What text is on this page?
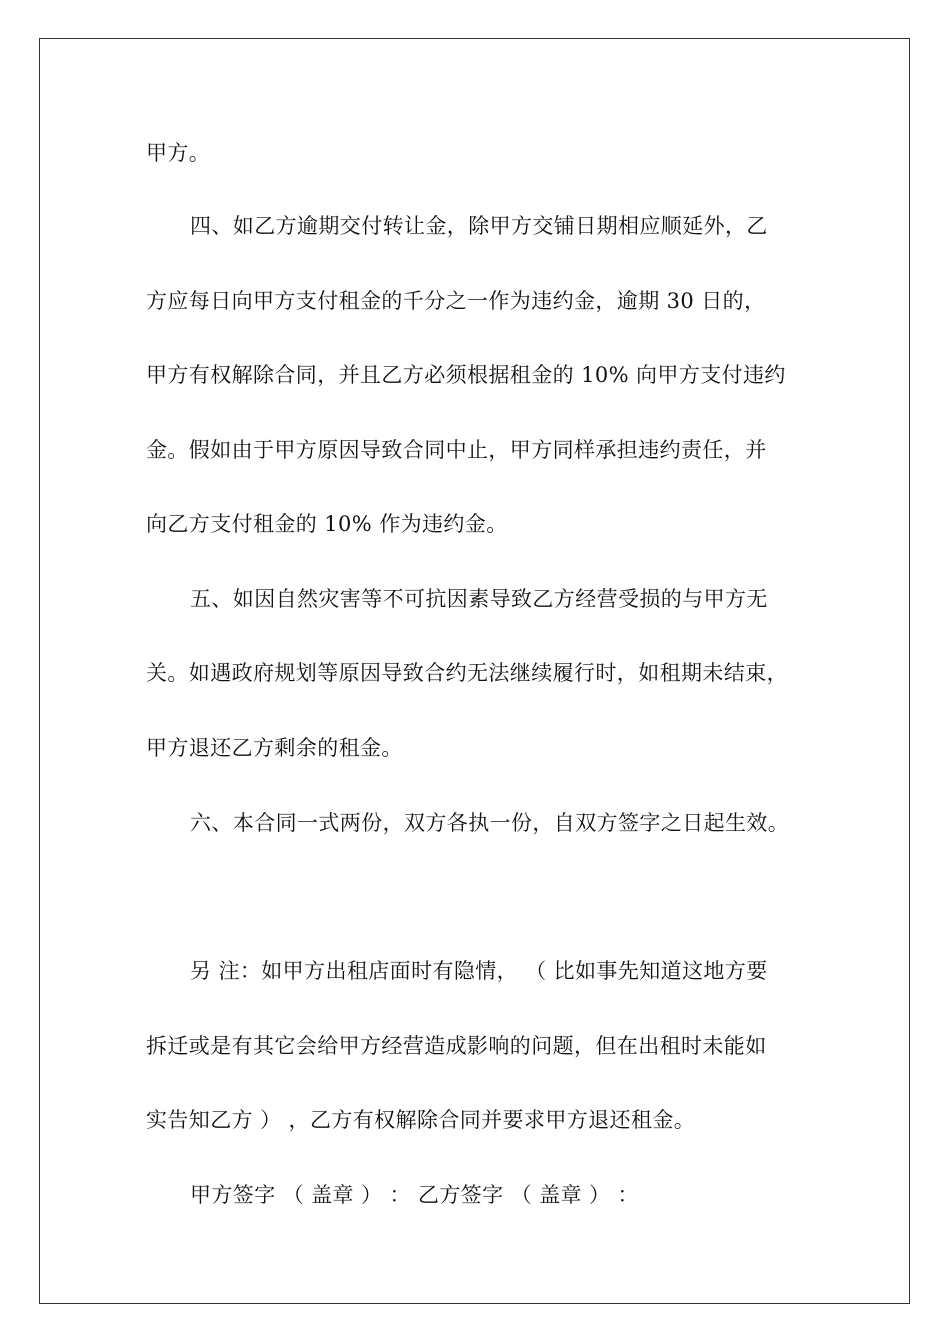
甲方。
四、如乙方逾期交付转让金，除甲方交铺日期相应顺延外，乙
方应每日向甲方支付租金的千分之一作为违约金，逾期 30 日的，
甲方有权解除合同，并且乙方必须根据租金的 10% 向甲方支付违约
金。假如由于甲方原因导致合同中止，甲方同样承担违约责任，并
向乙方支付租金的 10% 作为违约金。
五、如因自然灾害等不可抗因素导致乙方经营受损的与甲方无
关。如遇政府规划等原因导致合约无法继续履行时，如租期未结束，
甲方退还乙方剩余的租金。
六、本合同一式两份，双方各执一份，自双方签字之日起生效。
另 注：如甲方出租店面时有隐情， （ 比如事先知道这地方要
拆迁或是有其它会给甲方经营造成影响的问题，但在出租时未能如
实告知乙方 ） ，乙方有权解除合同并要求甲方退还租金。
甲方签字 （ 盖章 ） ： 乙方签字 （ 盖章 ） ：
